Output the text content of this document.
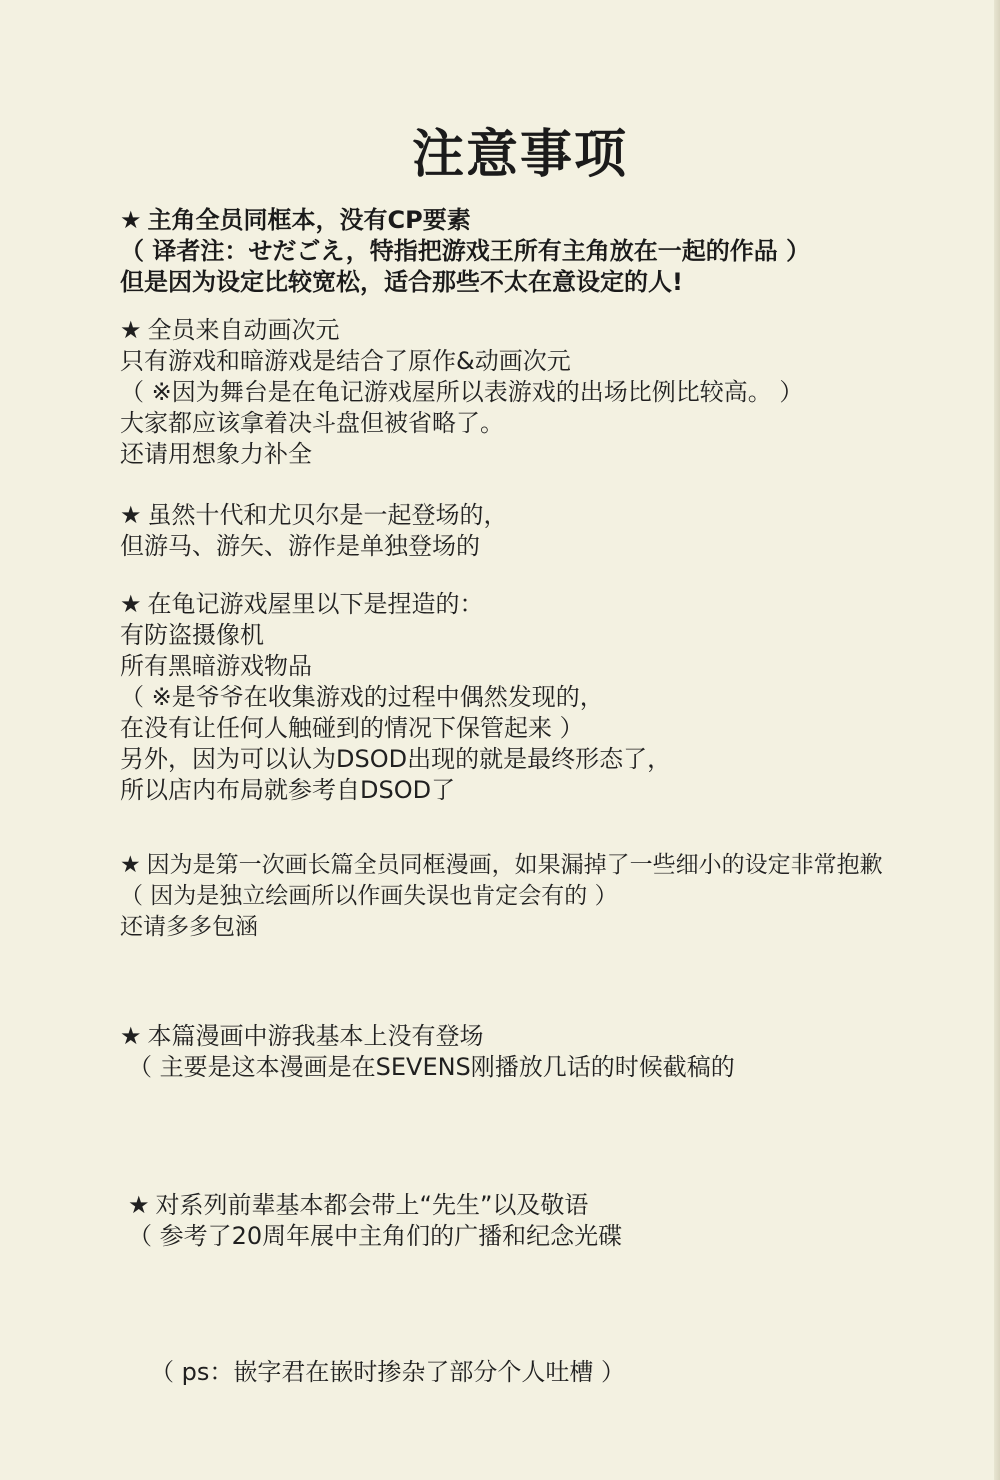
注意事项
★ 主角全员同框本，没有CP要素
（ 译者注：せだごえ，特指把游戏王所有主角放在一起的作品 ）
但是因为设定比较宽松，适合那些不太在意设定的人!
★ 全员来自动画次元
只有游戏和暗游戏是结合了原作&动画次元
（ ※因为舞台是在龟记游戏屋所以表游戏的出场比例比较高。 ）
大家都应该拿着决斗盘但被省略了。
还请用想象力补全
★ 虽然十代和尤贝尔是一起登场的，
但游马、游矢、游作是单独登场的
★ 在龟记游戏屋里以下是捏造的：
有防盗摄像机
所有黑暗游戏物品
（ ※是爷爷在收集游戏的过程中偶然发现的，
在没有让任何人触碰到的情况下保管起来 ）
另外，因为可以认为DSOD出现的就是最终形态了，
所以店内布局就参考自DSOD了
★ 因为是第一次画长篇全员同框漫画，如果漏掉了一些细小的设定非常抱歉
（ 因为是独立绘画所以作画失误也肯定会有的 ）
还请多多包涵
★ 本篇漫画中游我基本上没有登场
（ 主要是这本漫画是在SEVENS刚播放几话的时候截稿的
★ 对系列前辈基本都会带上“先生”以及敬语
（ 参考了20周年展中主角们的广播和纪念光碟
（ ps：嵌字君在嵌时掺杂了部分个人吐槽 ）
